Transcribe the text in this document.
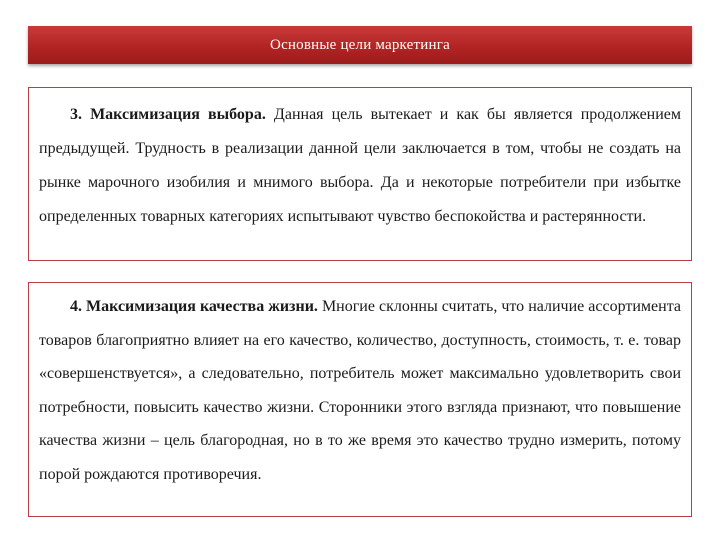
Основные цели маркетинга

3. Максимизация выбора. Данная цель вытекает и как бы является продолжением предыдущей. Трудность в реализации данной цели заключается в том, чтобы не создать на рынке марочного изобилия и мнимого выбора. Да и некоторые потребители при избытке определенных товарных категориях испытывают чувство беспокойства и растерянности.

4. Максимизация качества жизни. Многие склонны считать, что наличие ассортимента товаров благоприятно влияет на его качество, количество, доступность, стоимость, т. е. товар «совершенствуется», а следовательно, потребитель может максимально удовлетворить свои потребности, повысить качество жизни. Сторонники этого взгляда признают, что повышение качества жизни – цель благородная, но в то же время это качество трудно измерить, потому порой рождаются противоречия.
